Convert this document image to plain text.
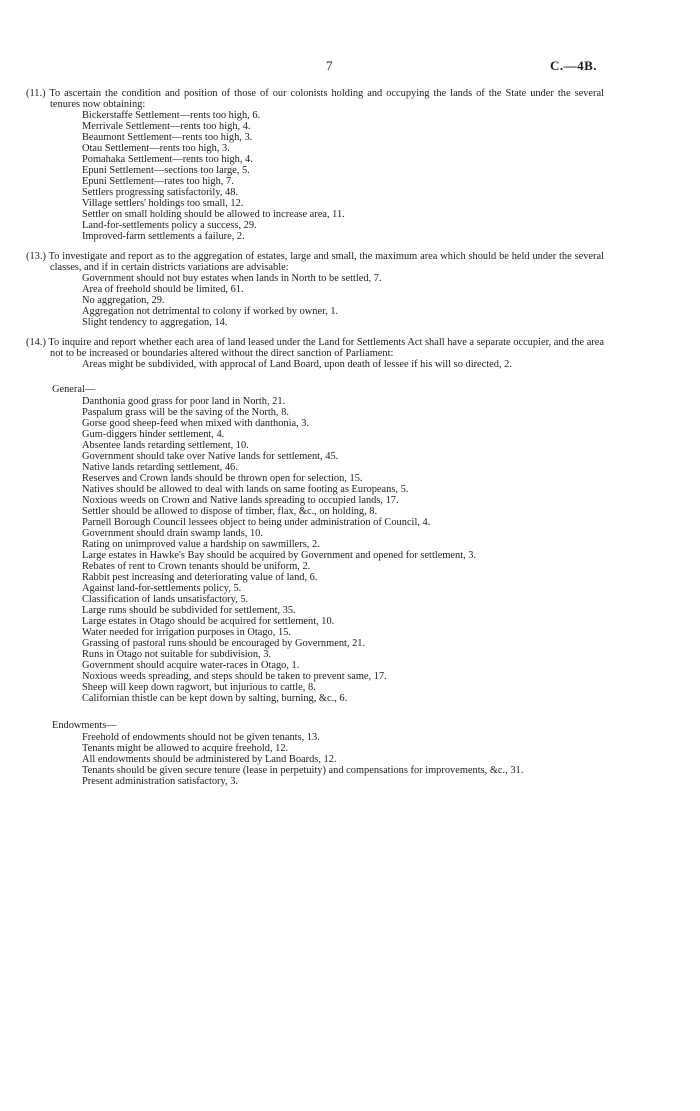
7	C.—4B.
(11.) To ascertain the condition and position of those of our colonists holding and occupying the lands of the State under the several tenures now obtaining:
Bickerstaffe Settlement—rents too high, 6.
Merrivale Settlement—rents too high, 4.
Beaumont Settlement—rents too high, 3.
Otau Settlement—rents too high, 3.
Pomahaka Settlement—rents too high, 4.
Epuni Settlement—sections too large, 5.
Epuni Settlement—rates too high, 7.
Settlers progressing satisfactorily, 48.
Village settlers' holdings too small, 12.
Settler on small holding should be allowed to increase area, 11.
Land-for-settlements policy a success, 29.
Improved-farm settlements a failure, 2.
(13.) To investigate and report as to the aggregation of estates, large and small, the maximum area which should be held under the several classes, and if in certain districts variations are advisable:
Government should not buy estates when lands in North to be settled, 7.
Area of freehold should be limited, 61.
No aggregation, 29.
Aggregation not detrimental to colony if worked by owner, 1.
Slight tendency to aggregation, 14.
(14.) To inquire and report whether each area of land leased under the Land for Settlements Act shall have a separate occupier, and the area not to be increased or boundaries altered without the direct sanction of Parliament:
Areas might be subdivided, with approcal of Land Board, upon death of lessee if his will so directed, 2.
General—
Danthonia good grass for poor land in North, 21.
Paspalum grass will be the saving of the North, 8.
Gorse good sheep-feed when mixed with danthonia, 3.
Gum-diggers hinder settlement, 4.
Absentee lands retarding settlement, 10.
Government should take over Native lands for settlement, 45.
Native lands retarding settlement, 46.
Reserves and Crown lands should be thrown open for selection, 15.
Natives should be allowed to deal with lands on same footing as Europeans, 5.
Noxious weeds on Crown and Native lands spreading to occupied lands, 17.
Settler should be allowed to dispose of timber, flax, &c., on holding, 8.
Parnell Borough Council lessees object to being under administration of Council, 4.
Government should drain swamp lands, 10.
Rating on unimproved value a hardship on sawmillers, 2.
Large estates in Hawke's Bay should be acquired by Government and opened for settlement, 3.
Rebates of rent to Crown tenants should be uniform, 2.
Rabbit pest increasing and deteriorating value of land, 6.
Against land-for-settlements policy, 5.
Classification of lands unsatisfactory, 5.
Large runs should be subdivided for settlement, 35.
Large estates in Otago should be acquired for settlement, 10.
Water needed for irrigation purposes in Otago, 15.
Grassing of pastoral runs should be encouraged by Government, 21.
Runs in Otago not suitable for subdivision, 3.
Government should acquire water-races in Otago, 1.
Noxious weeds spreading, and steps should be taken to prevent same, 17.
Sheep will keep down ragwort, but injurious to cattle, 8.
Californian thistle can be kept down by salting, burning, &c., 6.
Endowments—
Freehold of endowments should not be given tenants, 13.
Tenants might be allowed to acquire freehold, 12.
All endowments should be administered by Land Boards, 12.
Tenants should be given secure tenure (lease in perpetuity) and compensations for improvements, &c., 31.
Present administration satisfactory, 3.
